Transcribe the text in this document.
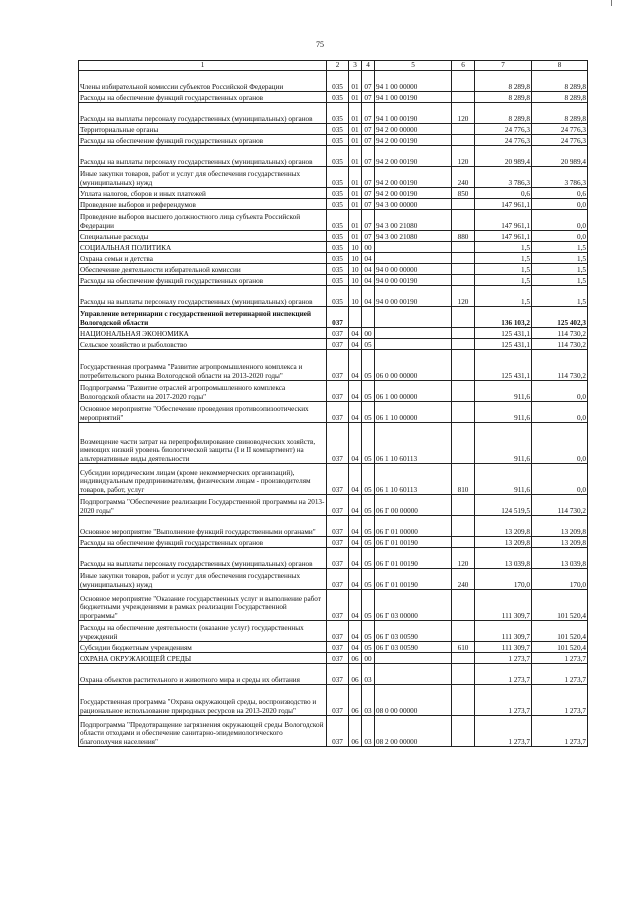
75
1	2	3	4	5	6	7	8
Члены избирательной комиссии субъектов Российской Федерации	035	01	07	94 1 00 00000		8 289,8	8 289,8
Расходы на обеспечение функций государственных органов	035	01	07	94 1 00 00190		8 289,8	8 289,8
Расходы на выплаты персоналу государственных (муниципальных) органов	035	01	07	94 1 00 00190	120	8 289,8	8 289,8
Территориальные органы	035	01	07	94 2 00 00000		24 776,3	24 776,3
Расходы на обеспечение функций государственных органов	035	01	07	94 2 00 00190		24 776,3	24 776,3
Расходы на выплаты персоналу государственных (муниципальных) органов	035	01	07	94 2 00 00190	120	20 989,4	20 989,4
Иные закупки товаров, работ и услуг для обеспечения государственных (муниципальных) нужд	035	01	07	94 2 00 00190	240	3 786,3	3 786,3
Уплата налогов, сборов и иных платежей	035	01	07	94 2 00 00190	850	0,6	0,6
Проведение выборов и референдумов	035	01	07	94 3 00 00000		147 961,1	0,0
Проведение выборов высшего должностного лица субъекта Российской Федерации	035	01	07	94 3 00 21080		147 961,1	0,0
Специальные расходы	035	01	07	94 3 00 21080	880	147 961,1	0,0
СОЦИАЛЬНАЯ ПОЛИТИКА	035	10	00			1,5	1,5
Охрана семьи и детства	035	10	04			1,5	1,5
Обеспечение деятельности избирательной комиссии	035	10	04	94 0 00 00000		1,5	1,5
Расходы на обеспечение функций государственных органов	035	10	04	94 0 00 00190		1,5	1,5
Расходы на выплаты персоналу государственных (муниципальных) органов	035	10	04	94 0 00 00190	120	1,5	1,5
Управление ветеринарии с государственной ветеринарной инспекцией Вологодской области	037					136 103,2	125 402,3
НАЦИОНАЛЬНАЯ ЭКОНОМИКА	037	04	00			125 431,1	114 730,2
Сельское хозяйство и рыболовство	037	04	05			125 431,1	114 730,2
Государственная программа "Развитие агропромышленного комплекса и потребительского рынка Вологодской области на 2013-2020 годы"	037	04	05	06 0 00 00000		125 431,1	114 730,2
Подпрограмма "Развитие отраслей агропромышленного комплекса Вологодской области на 2017-2020 годы"	037	04	05	06 1 00 00000		911,6	0,0
Основное мероприятие "Обеспечение проведения противоэпизоотических мероприятий"	037	04	05	06 1 10 00000		911,6	0,0
Возмещение части затрат на перепрофилирование свиноводческих хозяйств, имеющих низкий уровень биологической защиты (I и II компартмент) на альтернативные виды деятельности	037	04	05	06 1 10 60113		911,6	0,0
Субсидии юридическим лицам (кроме некоммерческих организаций), индивидуальным предпринимателям, физическим лицам - производителям товаров, работ, услуг	037	04	05	06 1 10 60113	810	911,6	0,0
Подпрограмма "Обеспечение реализации Государственной программы на 2013-2020 годы"	037	04	05	06 Г 00 00000		124 519,5	114 730,2
Основное мероприятие "Выполнение функций государственными органами"	037	04	05	06 Г 01 00000		13 209,8	13 209,8
Расходы на обеспечение функций государственных органов	037	04	05	06 Г 01 00190		13 209,8	13 209,8
Расходы на выплаты персоналу государственных (муниципальных) органов	037	04	05	06 Г 01 00190	120	13 039,8	13 039,8
Иные закупки товаров, работ и услуг для обеспечения государственных (муниципальных) нужд	037	04	05	06 Г 01 00190	240	170,0	170,0
Основное мероприятие "Оказание государственных услуг и выполнение работ бюджетными учреждениями в рамках реализации Государственной программы"	037	04	05	06 Г 03 00000		111 309,7	101 520,4
Расходы на обеспечение деятельности (оказание услуг) государственных учреждений	037	04	05	06 Г 03 00590		111 309,7	101 520,4
Субсидии бюджетным учреждениям	037	04	05	06 Г 03 00590	610	111 309,7	101 520,4
ОХРАНА ОКРУЖАЮЩЕЙ СРЕДЫ	037	06	00			1 273,7	1 273,7
Охрана объектов растительного и животного мира и среды их обитания	037	06	03			1 273,7	1 273,7
Государственная программа "Охрана окружающей среды, воспроизводство и рациональное использование природных ресурсов на 2013-2020 годы"	037	06	03	08 0 00 00000		1 273,7	1 273,7
Подпрограмма "Предотвращение загрязнения окружающей среды Вологодской области отходами и обеспечение санитарно-эпидемиологического благополучия населения"	037	06	03	08 2 00 00000		1 273,7	1 273,7
